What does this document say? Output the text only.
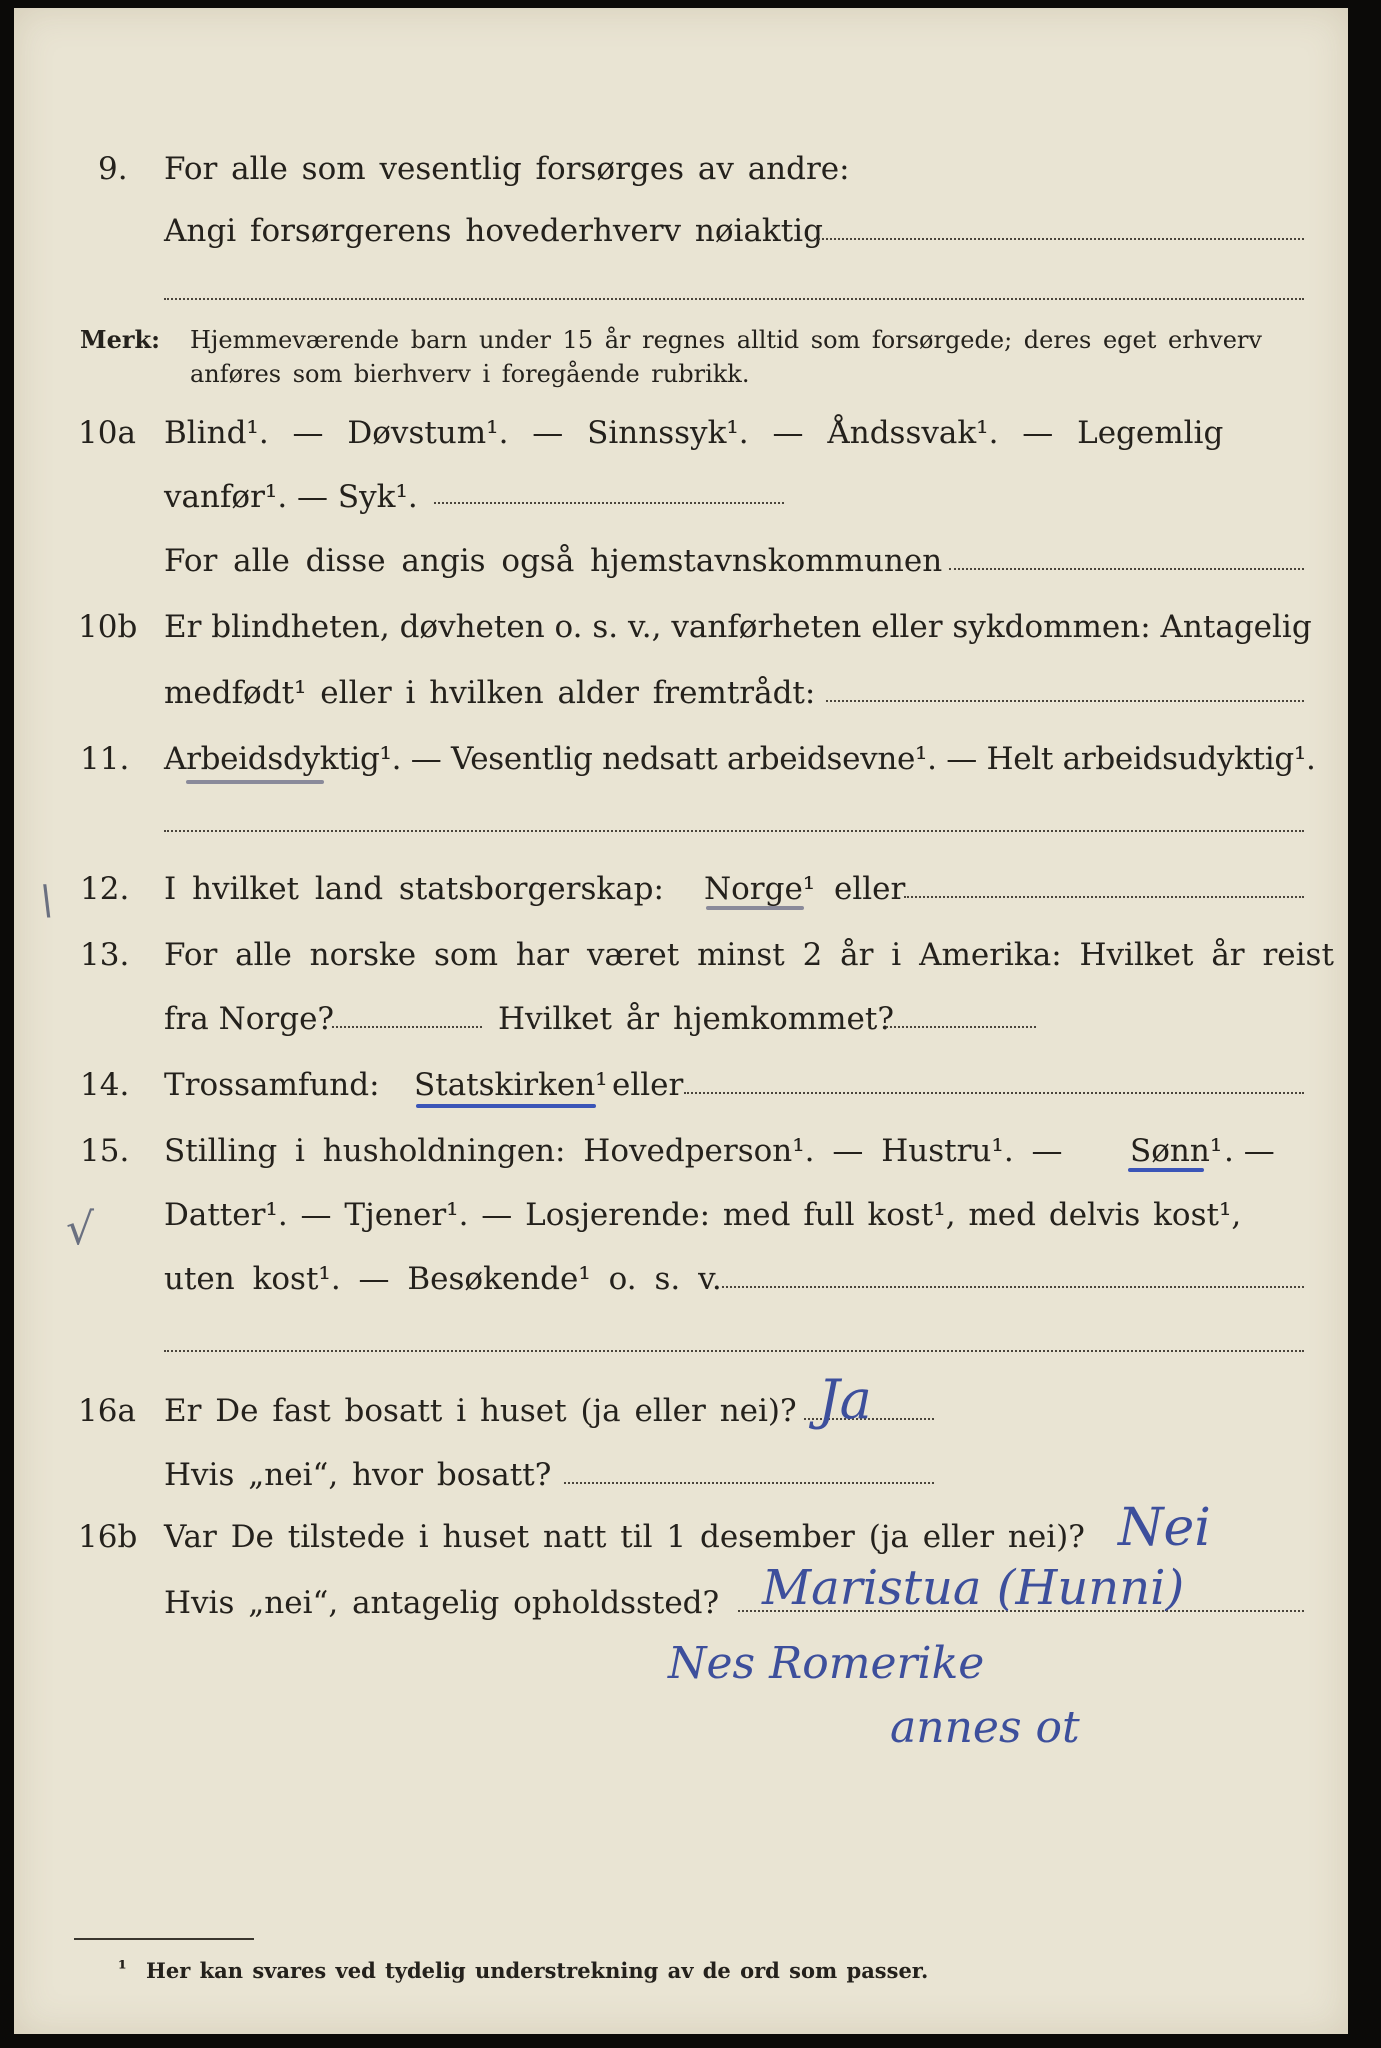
9. For alle som vesentlig forsørges av andre:
Angi forsørgerens hovederhverv nøiaktig
Merk: Hjemmeværende barn under 15 år regnes alltid som forsørgede; deres eget erhverv
anføres som bierhverv i foregående rubrikk.
10a Blind¹. — Døvstum¹. — Sinnssyk¹. — Åndssvak¹. — Legemlig
vanfør¹. — Syk¹.
For alle disse angis også hjemstavnskommunen
10b Er blindheten, døvheten o. s. v., vanførheten eller sykdommen: Antagelig
medfødt¹ eller i hvilken alder fremtrådt:
11. Arbeidsdyktig¹. — Vesentlig nedsatt arbeidsevne¹. — Helt arbeidsudyktig¹.
\ 12. I hvilket land statsborgerskap: Norge¹ eller
13. For alle norske som har været minst 2 år i Amerika: Hvilket år reist
fra Norge?	Hvilket år hjemkommet?
14. Trossamfund: Statskirken¹ eller
15. Stilling i husholdningen: Hovedperson¹. — Hustru¹. — Sønn¹ . —
√ Datter¹. — Tjener¹. — Losjerende: med full kost¹, med delvis kost¹,
uten kost¹. — Besøkende¹ o. s. v.
16a Er De fast bosatt i huset (ja eller nei)? Ja
Hvis „nei“, hvor bosatt?
16b Var De tilstede i huset natt til 1 desember (ja eller nei)? Nei
Hvis „nei“, antagelig opholdssted? Maristua (Hunni)
Nes Romerike
annes ot
¹ Her kan svares ved tydelig understrekning av de ord som passer.
